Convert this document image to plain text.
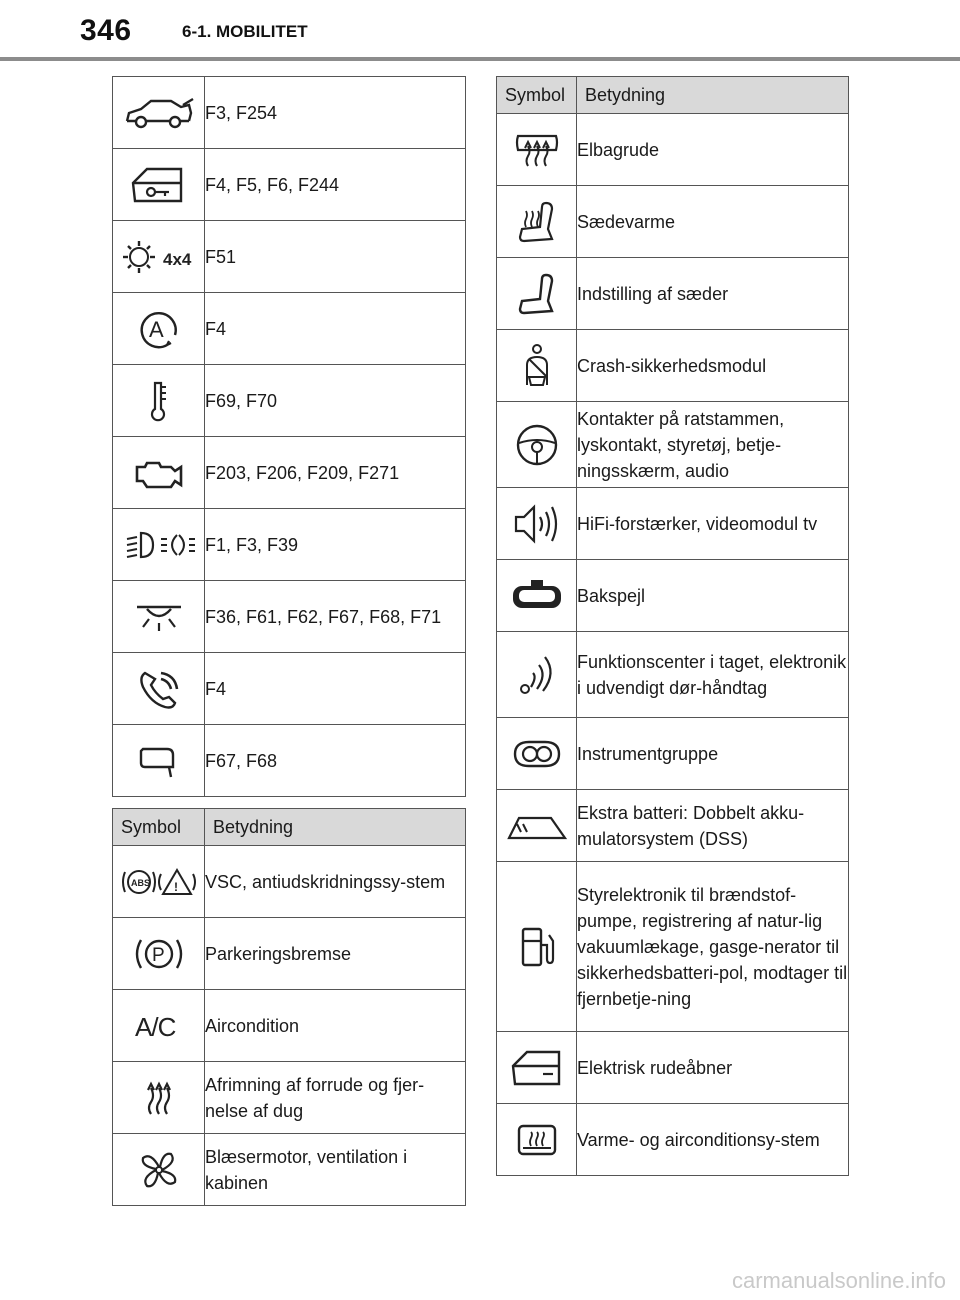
346	6-1. MOBILITET
	F3, F254
	F4, F5, F6, F244

4x4	F51

A	F4
	F69, F70
	F203, F206, F209, F271
	F1, F3, F39
	F36, F61, F62, F67, F68, F71
	F4
	F67, F68
Symbol	Betydning

ABS !	VSC, antiudskridningssy-stem

P	Parkeringsbremse

A/C	Aircondition
	Afrimning af forrude og fjer-nelse af dug
	Blæsermotor, ventilation i kabinen
Symbol	Betydning
	Elbagrude
	Sædevarme
	Indstilling af sæder
	Crash-sikkerhedsmodul
	Kontakter på ratstammen, lyskontakt, styretøj, betje-ningsskærm, audio
	HiFi-forstærker, videomodul tv
	Bakspejl
	Funktionscenter i taget, elektronik i udvendigt dør-håndtag
	Instrumentgruppe
	Ekstra batteri: Dobbelt akku-mulatorsystem (DSS)
	Styrelektronik til brændstof-pumpe, registrering af natur-lig vakuumlækage, gasge-nerator til sikkerhedsbatteri-pol, modtager til fjernbetje-ning
	Elektrisk rudeåbner
	Varme- og airconditionsy-stem
carmanualsonline.info
